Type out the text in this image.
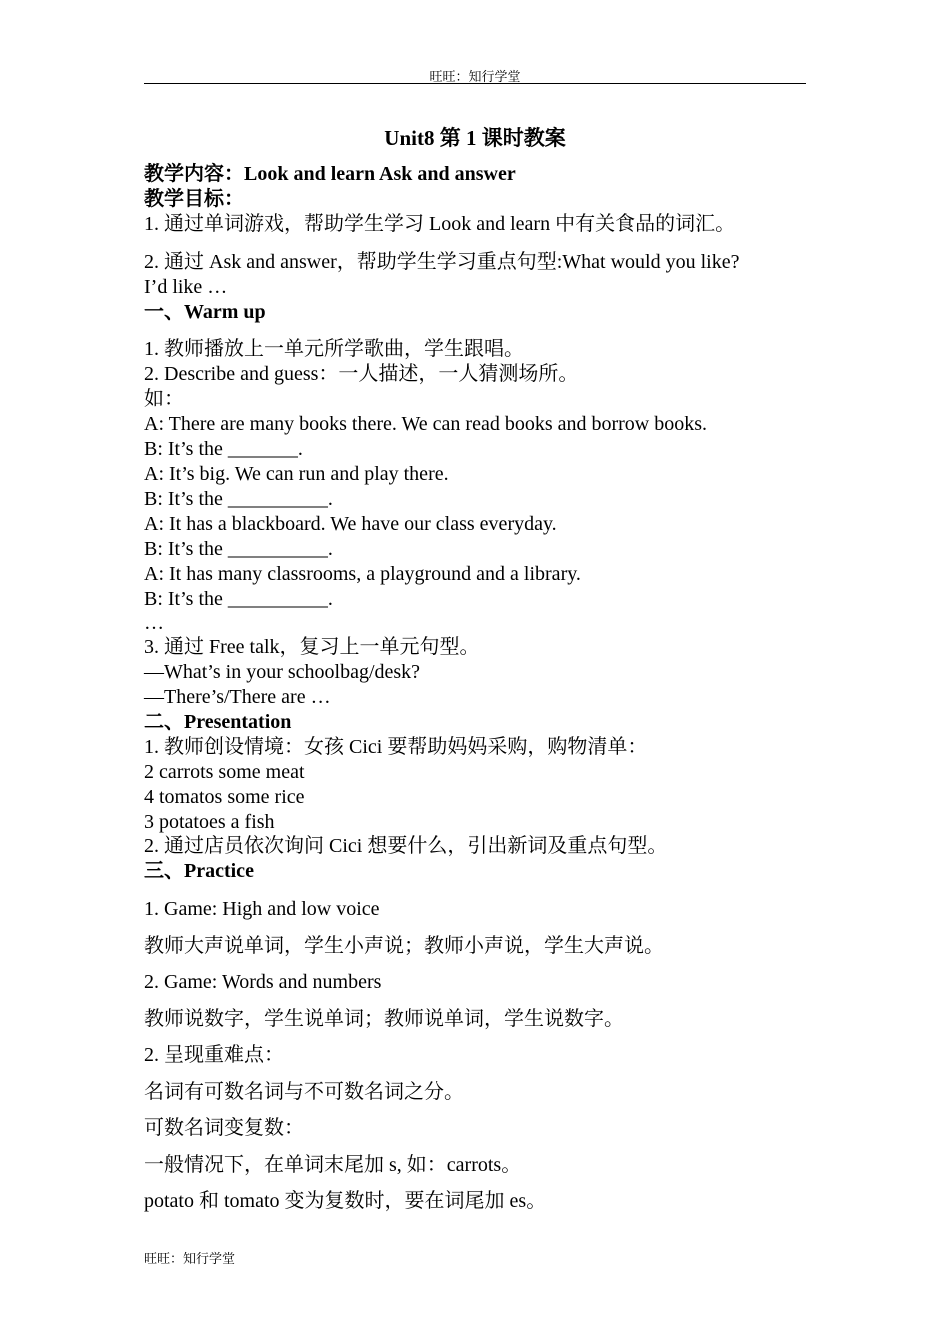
旺旺：知行学堂
Unit8 第 1 课时教案
教学内容：Look and learn Ask and answer
教学目标：
1. 通过单词游戏，帮助学生学习 Look and learn 中有关食品的词汇。
2. 通过 Ask and answer，帮助学生学习重点句型:What would you like?
I’d like …
一、Warm up
1. 教师播放上一单元所学歌曲，学生跟唱。
2. Describe and guess：一人描述，一人猜测场所。
如：
A: There are many books there. We can read books and borrow books.
B: It’s the _______.
A: It’s big. We can run and play there.
B: It’s the __________.
A: It has a blackboard. We have our class everyday.
B: It’s the __________.
A: It has many classrooms, a playground and a library.
B: It’s the __________.
…
3. 通过 Free talk，复习上一单元句型。
—What’s in your schoolbag/desk?
—There’s/There are …
二、Presentation
1. 教师创设情境：女孩 Cici 要帮助妈妈采购，购物清单：
2 carrots some meat
4 tomatos some rice
3 potatoes a fish
2. 通过店员依次询问 Cici 想要什么，引出新词及重点句型。
三、Practice
1. Game: High and low voice
教师大声说单词，学生小声说；教师小声说，学生大声说。
2. Game: Words and numbers
教师说数字，学生说单词；教师说单词，学生说数字。
2. 呈现重难点：
名词有可数名词与不可数名词之分。
可数名词变复数：
一般情况下，在单词末尾加 s, 如：carrots。
potato 和 tomato 变为复数时，要在词尾加 es。
旺旺：知行学堂
